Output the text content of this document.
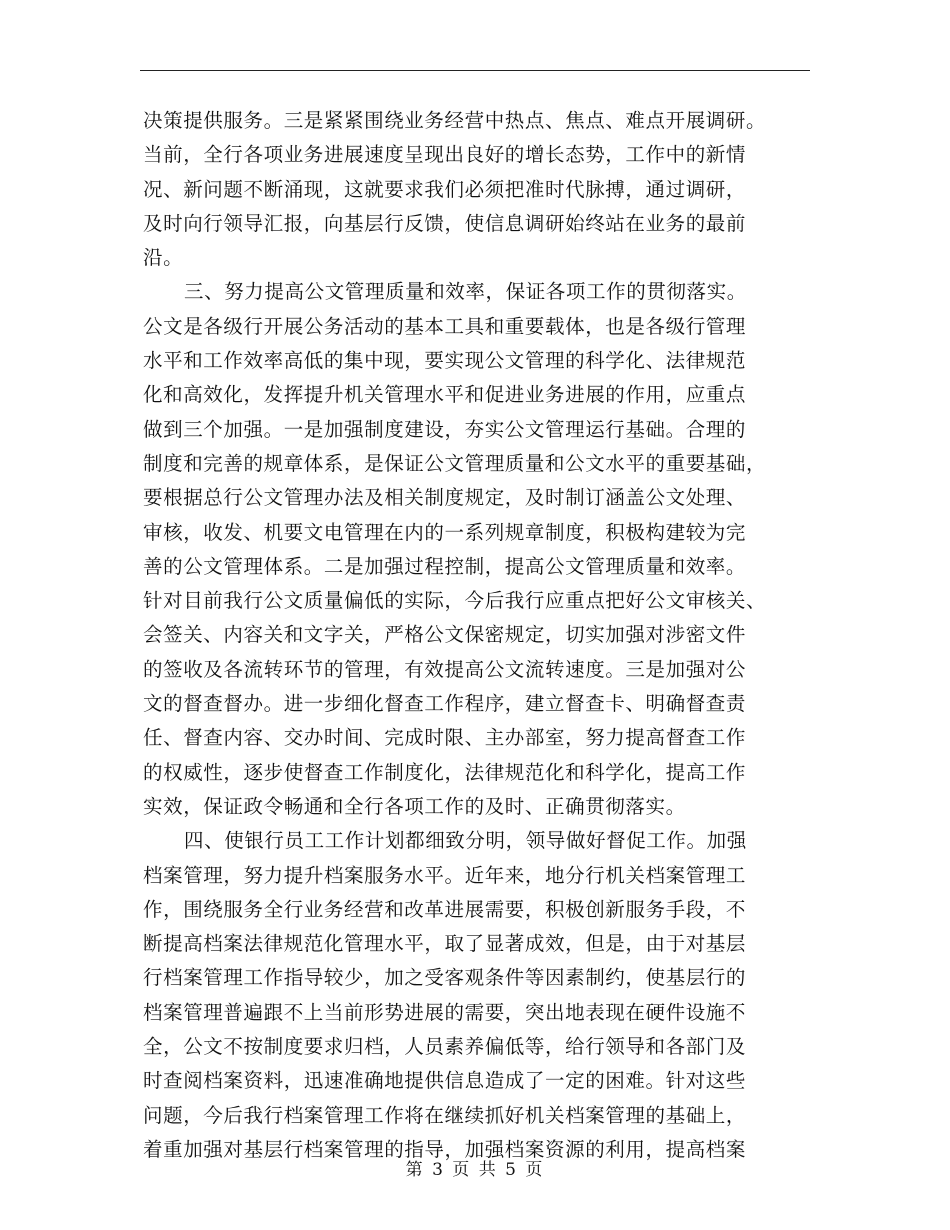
决策提供服务。三是紧紧围绕业务经营中热点、焦点、难点开展调研。
当前，全行各项业务进展速度呈现出良好的增长态势，工作中的新情
况、新问题不断涌现，这就要求我们必须把准时代脉搏，通过调研，
及时向行领导汇报，向基层行反馈，使信息调研始终站在业务的最前
沿。
三、努力提高公文管理质量和效率，保证各项工作的贯彻落实。
公文是各级行开展公务活动的基本工具和重要载体，也是各级行管理
水平和工作效率高低的集中现，要实现公文管理的科学化、法律规范
化和高效化，发挥提升机关管理水平和促进业务进展的作用，应重点
做到三个加强。一是加强制度建设，夯实公文管理运行基础。合理的
制度和完善的规章体系，是保证公文管理质量和公文水平的重要基础，
要根据总行公文管理办法及相关制度规定，及时制订涵盖公文处理、
审核，收发、机要文电管理在内的一系列规章制度，积极构建较为完
善的公文管理体系。二是加强过程控制，提高公文管理质量和效率。
针对目前我行公文质量偏低的实际，今后我行应重点把好公文审核关、
会签关、内容关和文字关，严格公文保密规定，切实加强对涉密文件
的签收及各流转环节的管理，有效提高公文流转速度。三是加强对公
文的督查督办。进一步细化督查工作程序，建立督查卡、明确督查责
任、督查内容、交办时间、完成时限、主办部室，努力提高督查工作
的权威性，逐步使督查工作制度化，法律规范化和科学化，提高工作
实效，保证政令畅通和全行各项工作的及时、正确贯彻落实。
四、使银行员工工作计划都细致分明，领导做好督促工作。加强
档案管理，努力提升档案服务水平。近年来，地分行机关档案管理工
作，围绕服务全行业务经营和改革进展需要，积极创新服务手段，不
断提高档案法律规范化管理水平，取了显著成效，但是，由于对基层
行档案管理工作指导较少，加之受客观条件等因素制约，使基层行的
档案管理普遍跟不上当前形势进展的需要，突出地表现在硬件设施不
全，公文不按制度要求归档，人员素养偏低等，给行领导和各部门及
时查阅档案资料，迅速准确地提供信息造成了一定的困难。针对这些
问题，今后我行档案管理工作将在继续抓好机关档案管理的基础上，
着重加强对基层行档案管理的指导，加强档案资源的利用，提高档案
第 3 页 共 5 页
